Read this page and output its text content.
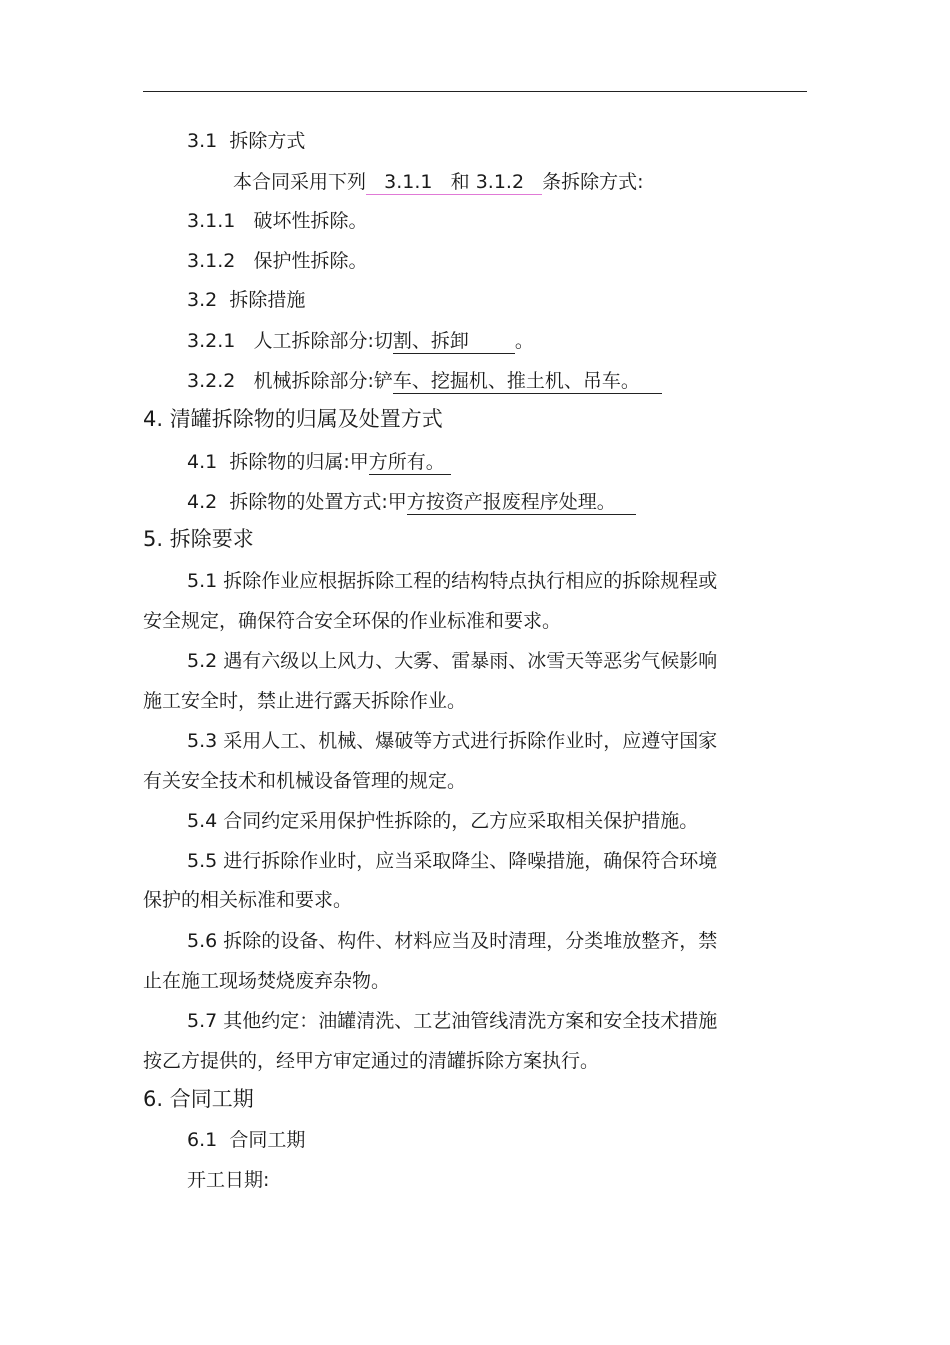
3.1 拆除方式
本合同采用下列 3.1.1 和 3.1.2 条拆除方式:
3.1.1 破坏性拆除。
3.1.2 保护性拆除。
3.2 拆除措施
3.2.1 人工拆除部分:切割、拆卸 。
3.2.2 机械拆除部分:铲车、挖掘机、推土机、吊车。
4. 清罐拆除物的归属及处置方式
4.1 拆除物的归属:甲方所有。
4.2 拆除物的处置方式:甲方按资产报废程序处理。
5. 拆除要求
5.1 拆除作业应根据拆除工程的结构特点执行相应的拆除规程或
安全规定，确保符合安全环保的作业标准和要求。
5.2 遇有六级以上风力、大雾、雷暴雨、冰雪天等恶劣气候影响
施工安全时，禁止进行露天拆除作业。
5.3 采用人工、机械、爆破等方式进行拆除作业时，应遵守国家
有关安全技术和机械设备管理的规定。
5.4 合同约定采用保护性拆除的，乙方应采取相关保护措施。
5.5 进行拆除作业时，应当采取降尘、降噪措施，确保符合环境
保护的相关标准和要求。
5.6 拆除的设备、构件、材料应当及时清理，分类堆放整齐，禁
止在施工现场焚烧废弃杂物。
5.7 其他约定：油罐清洗、工艺油管线清洗方案和安全技术措施
按乙方提供的，经甲方审定通过的清罐拆除方案执行。
6. 合同工期
6.1 合同工期
开工日期:
